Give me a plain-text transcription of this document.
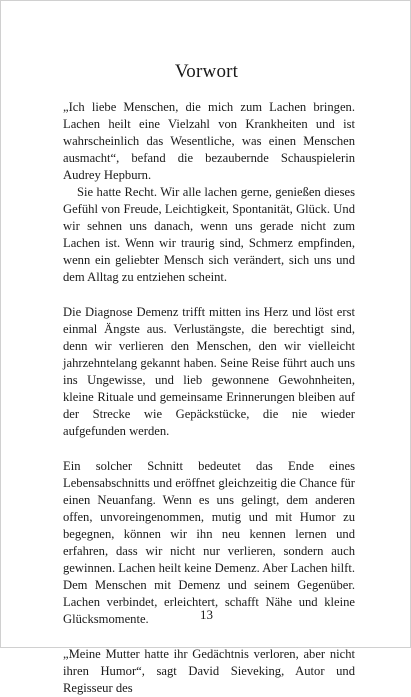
Vorwort

„Ich liebe Menschen, die mich zum Lachen bringen. Lachen heilt eine Vielzahl von Krankheiten und ist wahrscheinlich das Wesentliche, was einen Menschen ausmacht“, befand die bezaubernde Schauspielerin Audrey Hepburn.

Sie hatte Recht. Wir alle lachen gerne, genießen dieses Gefühl von Freude, Leichtigkeit, Spontanität, Glück. Und wir sehnen uns danach, wenn uns gerade nicht zum Lachen ist. Wenn wir traurig sind, Schmerz empfinden, wenn ein geliebter Mensch sich verändert, sich uns und dem Alltag zu entziehen scheint.

Die Diagnose Demenz trifft mitten ins Herz und löst erst einmal Ängste aus. Verlustängste, die berechtigt sind, denn wir verlieren den Menschen, den wir vielleicht jahrzehntelang gekannt haben. Seine Reise führt auch uns ins Ungewisse, und lieb gewonnene Gewohnheiten, kleine Rituale und gemeinsame Erinnerungen bleiben auf der Strecke wie Gepäckstücke, die nie wieder aufgefunden werden.

Ein solcher Schnitt bedeutet das Ende eines Lebensabschnitts und eröffnet gleichzeitig die Chance für einen Neuanfang. Wenn es uns gelingt, dem anderen offen, unvoreingenommen, mutig und mit Humor zu begegnen, können wir ihn neu kennen lernen und erfahren, dass wir nicht nur verlieren, sondern auch gewinnen. Lachen heilt keine Demenz. Aber Lachen hilft. Dem Menschen mit Demenz und seinem Gegenüber. Lachen verbindet, erleichtert, schafft Nähe und kleine Glücksmomente.

„Meine Mutter hatte ihr Gedächtnis verloren, aber nicht ihren Humor“, sagt David Sieveking, Autor und Regisseur des

13
